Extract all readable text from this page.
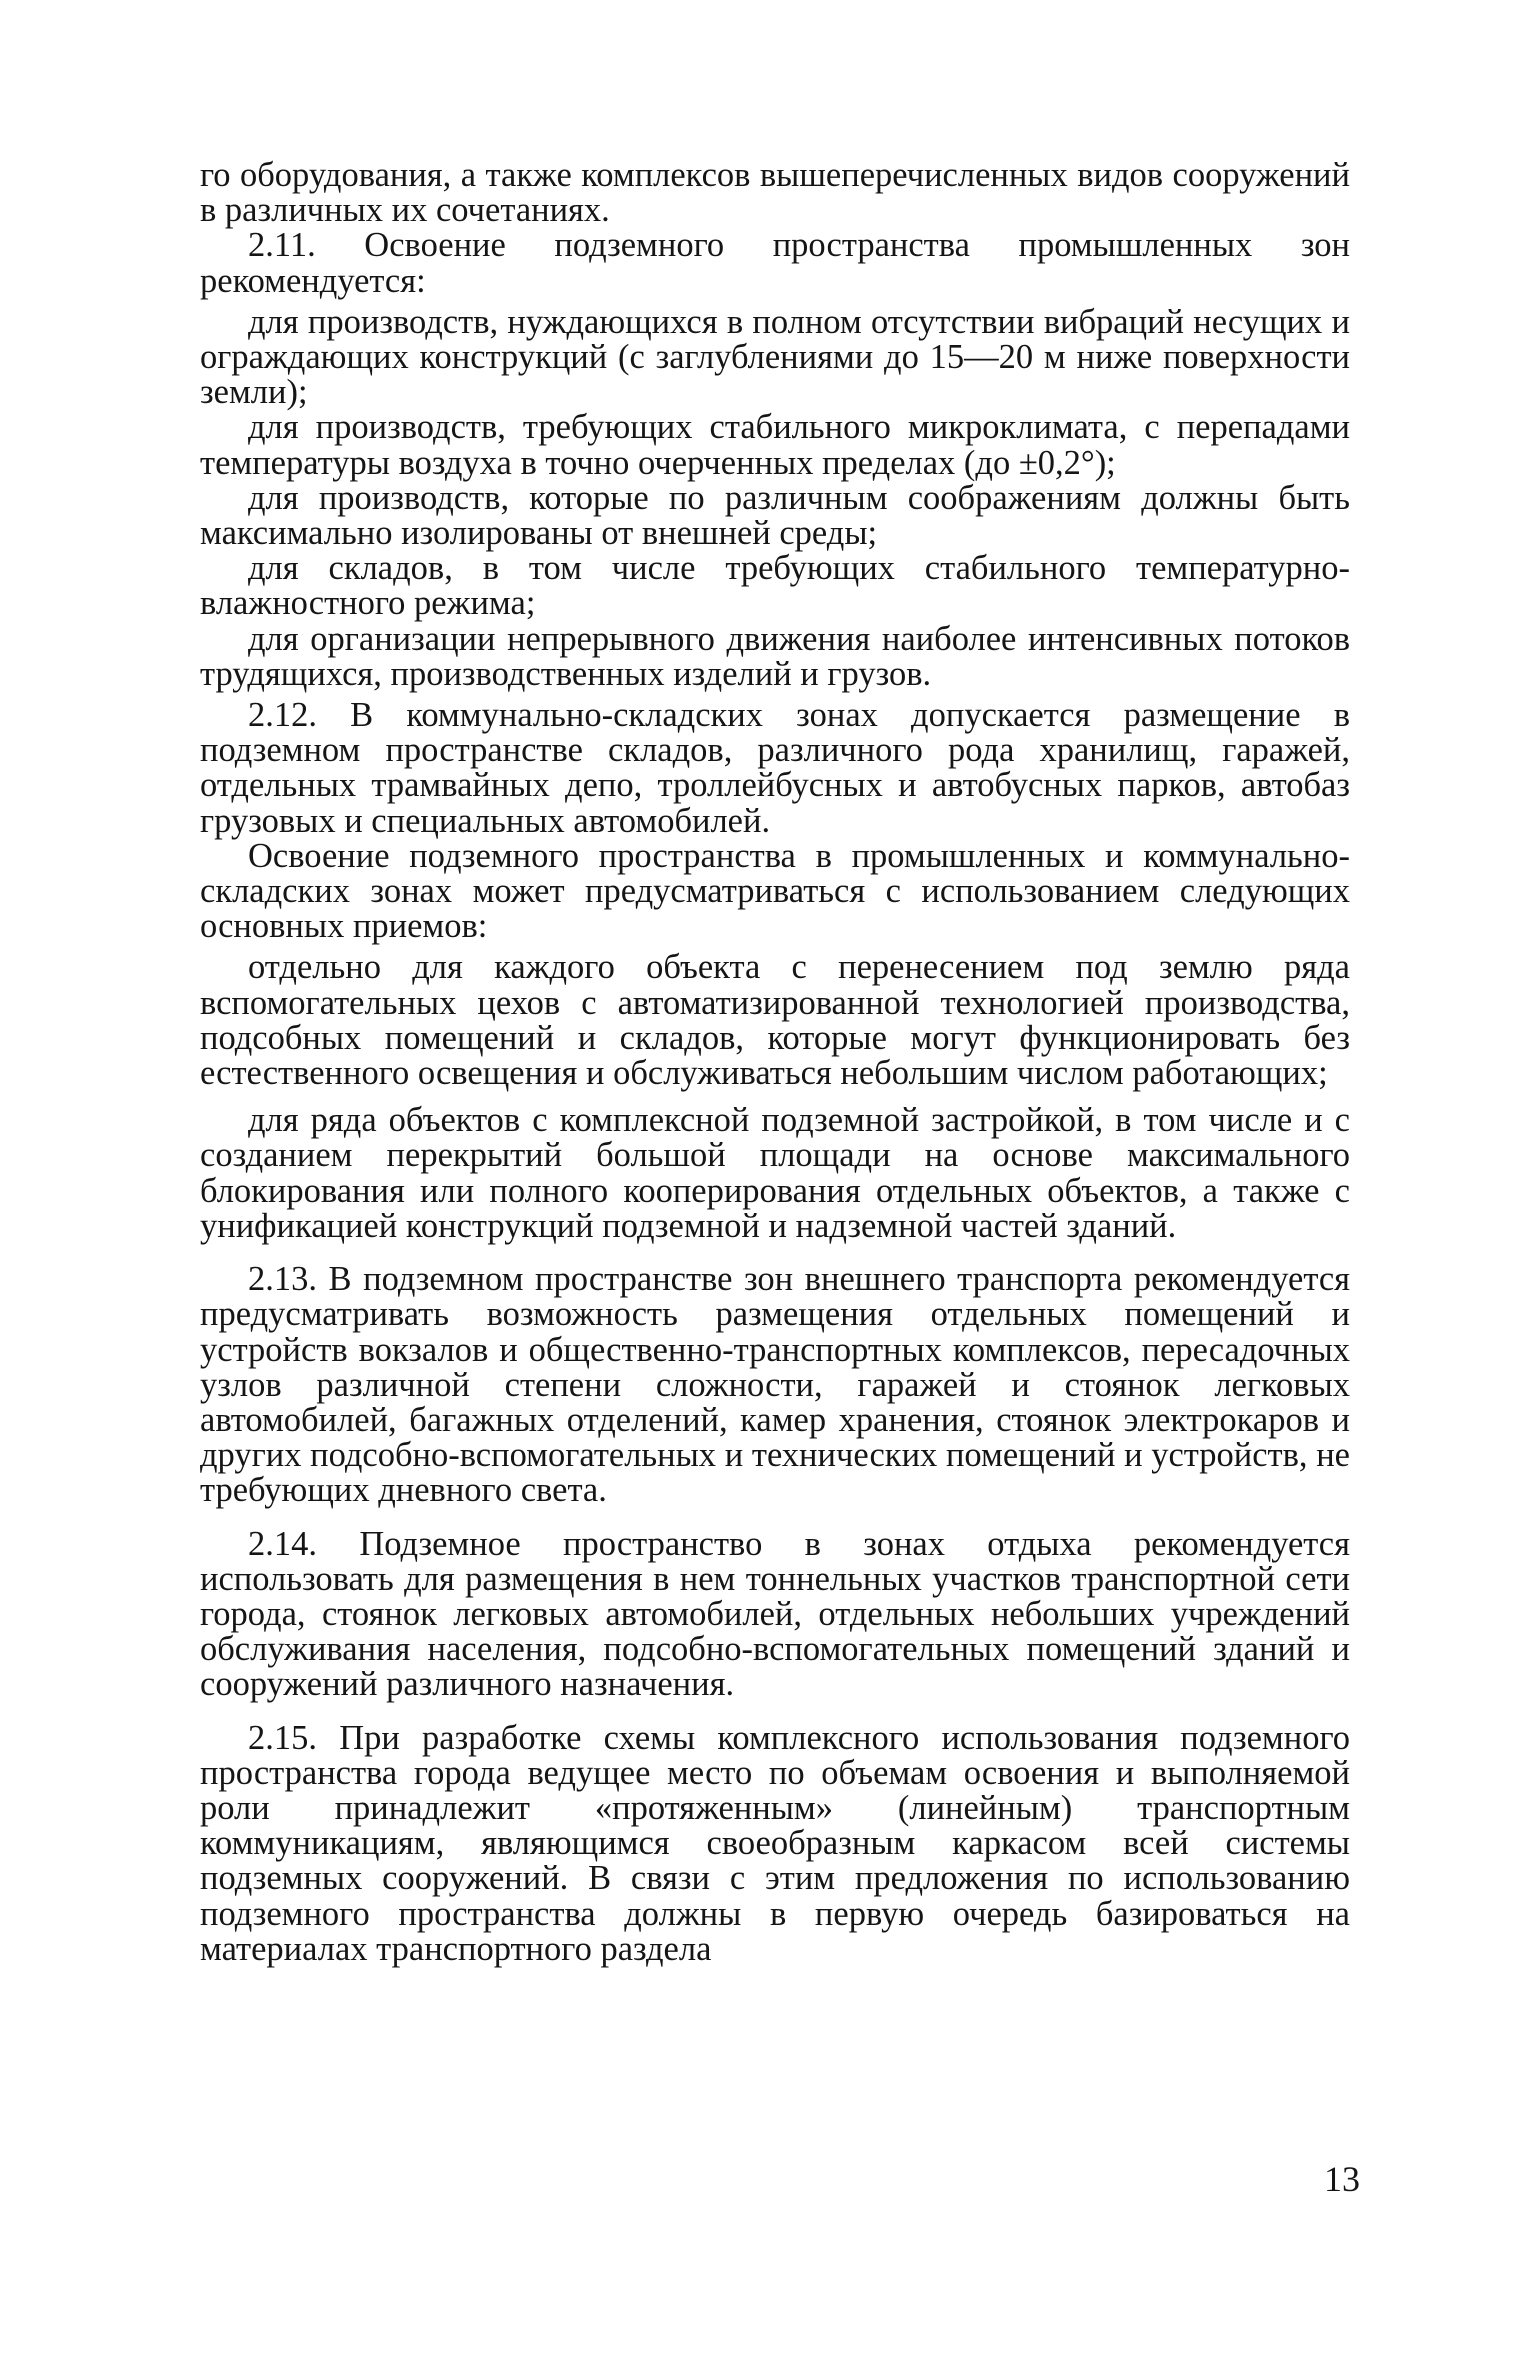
го оборудования, а также комплексов вышеперечисленных видов сооружений в различных их сочетаниях.

2.11. Освоение подземного пространства промышленных зон рекомендуется:

для производств, нуждающихся в полном отсутствии вибраций несущих и ограждающих конструкций (с заглублениями до 15—20 м ниже поверхности земли);

для производств, требующих стабильного микроклимата, с перепадами температуры воздуха в точно очерченных пределах (до ±0,2°);

для производств, которые по различным соображениям должны быть максимально изолированы от внешней среды;

для складов, в том числе требующих стабильного температурно-влажностного режима;

для организации непрерывного движения наиболее интенсивных потоков трудящихся, производственных изделий и грузов.

2.12. В коммунально-складских зонах допускается размещение в подземном пространстве складов, различного рода хранилищ, гаражей, отдельных трамвайных депо, троллейбусных и автобусных парков, автобаз грузовых и специальных автомобилей.

Освоение подземного пространства в промышленных и коммунально-складских зонах может предусматриваться с использованием следующих основных приемов:

отдельно для каждого объекта с перенесением под землю ряда вспомогательных цехов с автоматизированной технологией производства, подсобных помещений и складов, которые могут функционировать без естественного освещения и обслуживаться небольшим числом работающих;

для ряда объектов с комплексной подземной застройкой, в том числе и с созданием перекрытий большой площади на основе максимального блокирования или полного кооперирования отдельных объектов, а также с унификацией конструкций подземной и надземной частей зданий.

2.13. В подземном пространстве зон внешнего транспорта рекомендуется предусматривать возможность размещения отдельных помещений и устройств вокзалов и общественно-транспортных комплексов, пересадочных узлов различной степени сложности, гаражей и стоянок легковых автомобилей, багажных отделений, камер хранения, стоянок электрокаров и других подсобно-вспомогательных и технических помещений и устройств, не требующих дневного света.

2.14. Подземное пространство в зонах отдыха рекомендуется использовать для размещения в нем тоннельных участков транспортной сети города, стоянок легковых автомобилей, отдельных небольших учреждений обслуживания населения, подсобно-вспомогательных помещений зданий и сооружений различного назначения.

2.15. При разработке схемы комплексного использования подземного пространства города ведущее место по объемам освоения и выполняемой роли принадлежит «протяженным» (линейным) транспортным коммуникациям, являющимся своеобразным каркасом всей системы подземных сооружений. В связи с этим предложения по использованию подземного пространства должны в первую очередь базироваться на материалах транспортного раздела

13
